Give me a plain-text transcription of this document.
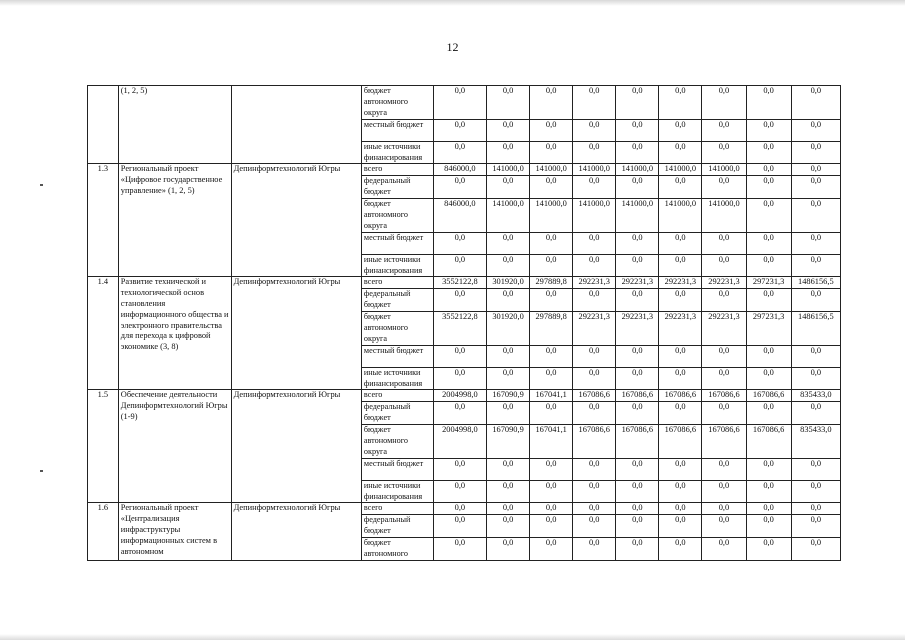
12
	(1, 2, 5)		бюджет автономного округа	0,0	0,0	0,0	0,0	0,0	0,0	0,0	0,0	0,0
			местный бюджет	0,0	0,0	0,0	0,0	0,0	0,0	0,0	0,0	0,0
			иные источники финансирования	0,0	0,0	0,0	0,0	0,0	0,0	0,0	0,0	0,0
1.3	Региональный проект «Цифровое государственное управление» (1, 2, 5)	Депинформтехнологий Югры	всего	846000,0	141000,0	141000,0	141000,0	141000,0	141000,0	141000,0	0,0	0,0
			федеральный бюджет	0,0	0,0	0,0	0,0	0,0	0,0	0,0	0,0	0,0
			бюджет автономного округа	846000,0	141000,0	141000,0	141000,0	141000,0	141000,0	141000,0	0,0	0,0
			местный бюджет	0,0	0,0	0,0	0,0	0,0	0,0	0,0	0,0	0,0
			иные источники финансирования	0,0	0,0	0,0	0,0	0,0	0,0	0,0	0,0	0,0
1.4	Развитие технической и технологической основ становления информационного общества и электронного правительства для перехода к цифровой экономике (3, 8)	Депинформтехнологий Югры	всего	3552122,8	301920,0	297889,8	292231,3	292231,3	292231,3	292231,3	297231,3	1486156,5
			федеральный бюджет	0,0	0,0	0,0	0,0	0,0	0,0	0,0	0,0	0,0
			бюджет автономного округа	3552122,8	301920,0	297889,8	292231,3	292231,3	292231,3	292231,3	297231,3	1486156,5
			местный бюджет	0,0	0,0	0,0	0,0	0,0	0,0	0,0	0,0	0,0
			иные источники финансирования	0,0	0,0	0,0	0,0	0,0	0,0	0,0	0,0	0,0
1.5	Обеспечение деятельности Депинформтехнологий Югры (1-9)	Депинформтехнологий Югры	всего	2004998,0	167090,9	167041,1	167086,6	167086,6	167086,6	167086,6	167086,6	835433,0
			федеральный бюджет	0,0	0,0	0,0	0,0	0,0	0,0	0,0	0,0	0,0
			бюджет автономного округа	2004998,0	167090,9	167041,1	167086,6	167086,6	167086,6	167086,6	167086,6	835433,0
			местный бюджет	0,0	0,0	0,0	0,0	0,0	0,0	0,0	0,0	0,0
			иные источники финансирования	0,0	0,0	0,0	0,0	0,0	0,0	0,0	0,0	0,0
1.6	Региональный проект «Централизация инфраструктуры информационных систем в автономном	Депинформтехнологий Югры	всего	0,0	0,0	0,0	0,0	0,0	0,0	0,0	0,0	0,0
			федеральный бюджет	0,0	0,0	0,0	0,0	0,0	0,0	0,0	0,0	0,0
			бюджет автономного	0,0	0,0	0,0	0,0	0,0	0,0	0,0	0,0	0,0
